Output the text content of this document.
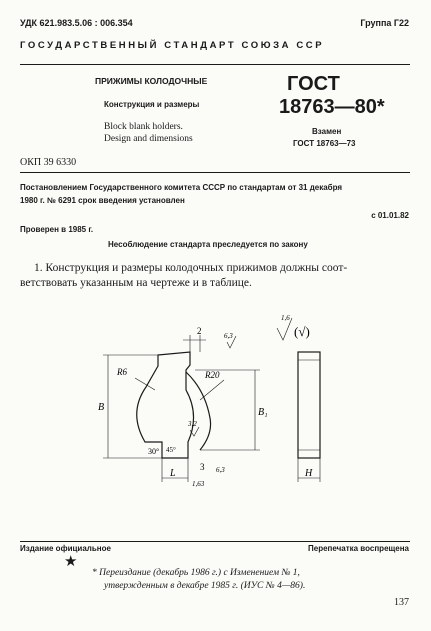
УДК 621.983.5.06 : 006.354	Группа Г22
ГОСУДАРСТВЕННЫЙ СТАНДАРТ СОЮЗА ССР
ПРИЖИМЫ КОЛОДОЧНЫЕ
Конструкция и размеры
Block blank holders.
Design and dimensions
ГОСТ
18763—80*
Взамен
ГОСТ 18763—73
ОКП 39 6330
Постановлением Государственного комитета СССР по стандартам от 31 декабря
1980 г. № 6291 срок введения установлен
с 01.01.82
Проверен в 1985 г.
Несоблюдение стандарта преследуется по закону
1. Конструкция и размеры колодочных прижимов должны соот-
ветствовать указанным на чертеже и в таблице.
2	6,3
R6	R20
B	B₁
3,2
30° 45°
3 6,3
L
1,63
H
1,6
(√)
Издание официальное	Перепечатка воспрещена
★
* Переиздание (декабрь 1986 г.) с Изменением № 1,
утвержденным в декабре 1985 г. (ИУС № 4—86).
137
